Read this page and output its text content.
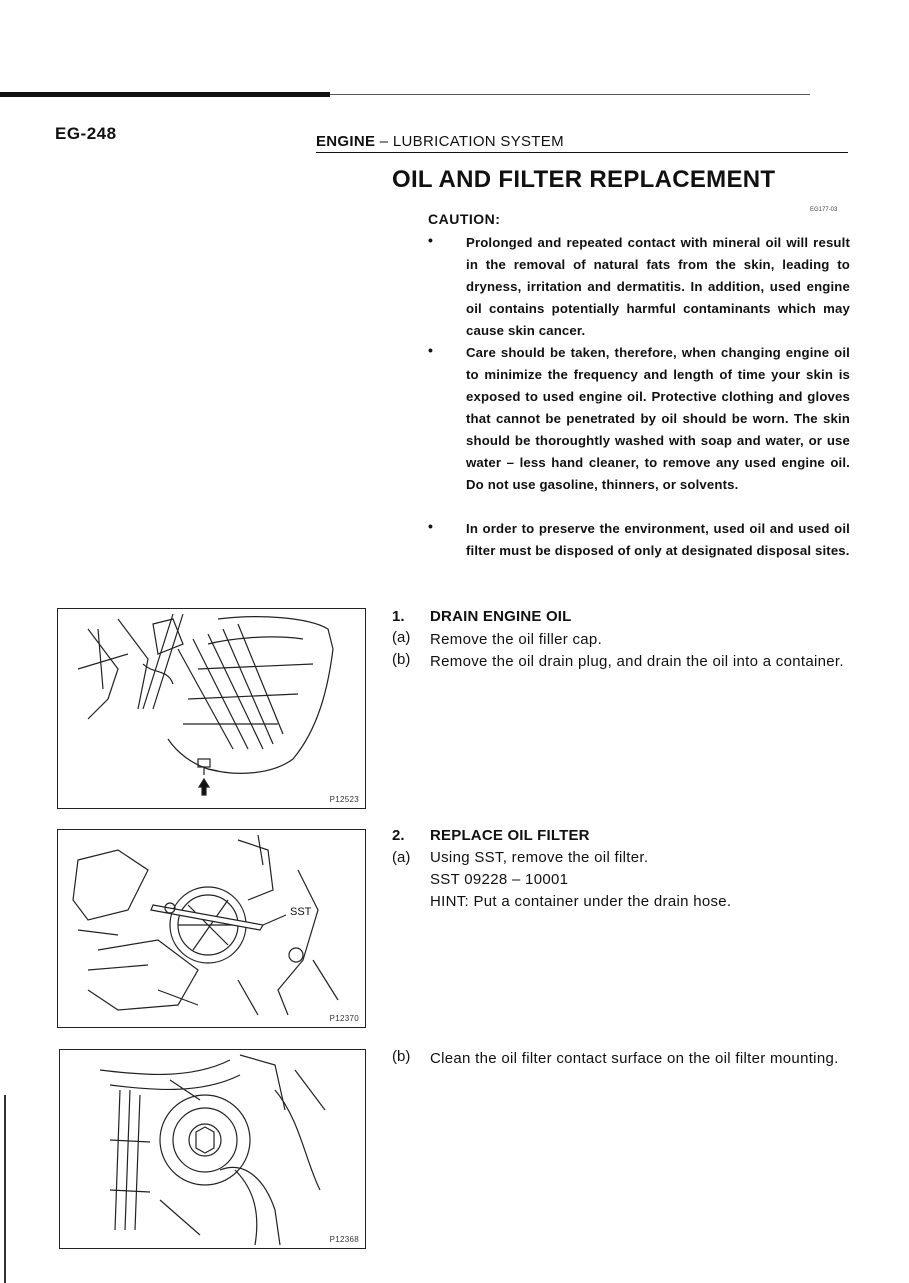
EG-248	ENGINE – LUBRICATION SYSTEM
OIL AND FILTER REPLACEMENT
EG177-03
CAUTION:
•	Prolonged and repeated contact with mineral oil will result in the removal of natural fats from the skin, leading to dryness, irritation and dermatitis. In addition, used engine oil contains potentially harmful contaminants which may cause skin cancer.
•	Care should be taken, therefore, when changing engine oil to minimize the frequency and length of time your skin is exposed to used engine oil. Protective clothing and gloves that cannot be penetrated by oil should be worn. The skin should be thoroughtly washed with soap and water, or use water – less hand cleaner, to remove any used engine oil. Do not use gasoline, thinners, or solvents.
•	In order to preserve the environment, used oil and used oil filter must be disposed of only at designated disposal sites.
1. DRAIN ENGINE OIL
(a) Remove the oil filler cap.
(b) Remove the oil drain plug, and drain the oil into a container.
2. REPLACE OIL FILTER
(a) Using SST, remove the oil filter.
SST 09228 – 10001
HINT: Put a container under the drain hose.
(b) Clean the oil filter contact surface on the oil filter mounting.
P12523
SST
P12370
P12368
